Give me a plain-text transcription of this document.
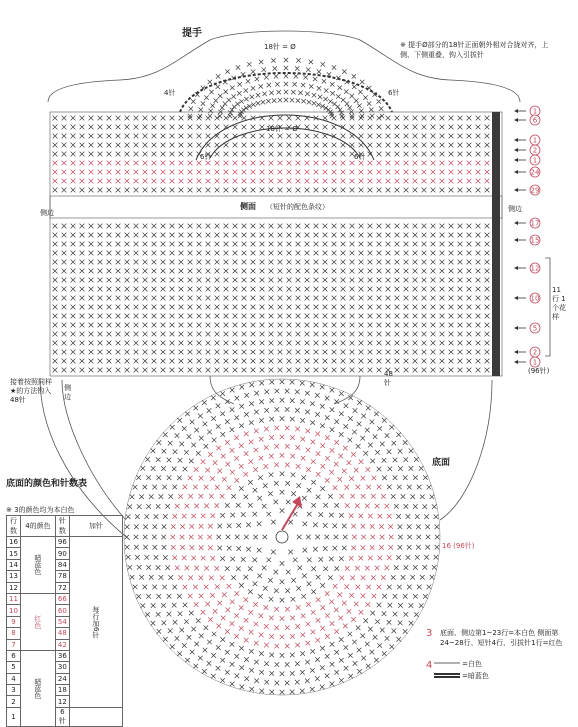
1
6
1
2
1
24
29
17
15
12
10
5
2
1
提手
※ 提手Ø部分的18针正面朝外相对合拢对齐，上侧、下侧重叠，钩入引拔针
18针 = Ø
18针 = Ø
4针	6针
6针	6针
侧面 （短针的配色条纹）
侧边	侧边
11行 1个花样
(96针)
48针
接着按照同样★的方法钩入48针
侧边
底面
16 (96针)
底面的颜色和针数表
※ 3的颜色均为本白色
行数	4的颜色	针数	加针
16	暗蓝色	96	每行加6针
15		90	
14		84	
13		78	
12		72	
11	红色	66	
10		60	
9		54	
8		48	
7		42	
6	暗蓝色	36	
5		30	
4		24	
3		18	
2		12	
1		6针	
3 底面、侧边第1~23行=本白色 侧面第24~28行、短针4行、引拔针1行=红色
4	=白色
=暗蓝色
